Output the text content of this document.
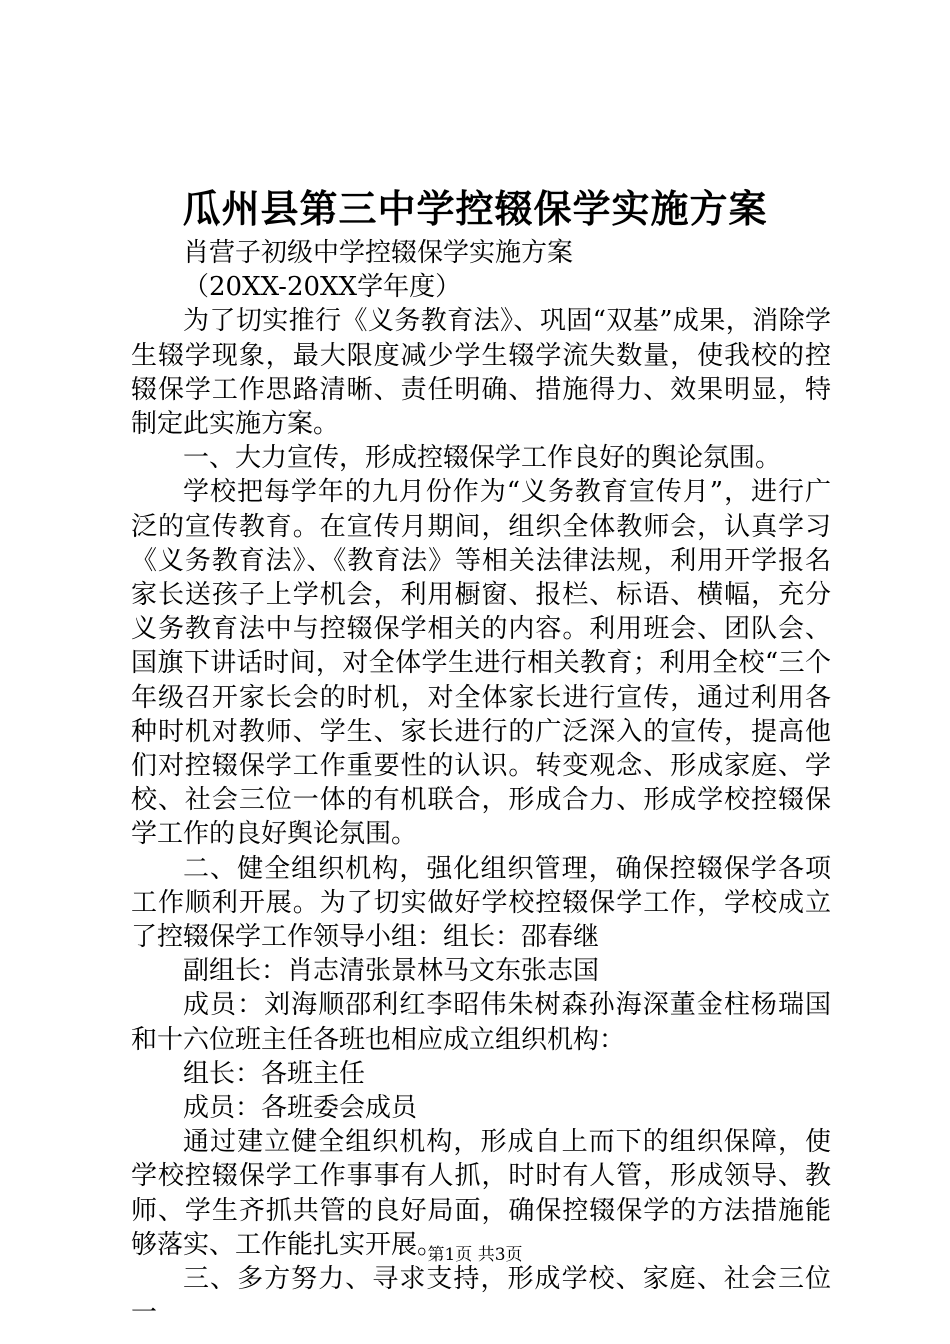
瓜州县第三中学控辍保学实施方案

肖营子初级中学控辍保学实施方案

（20XX-20XX学年度）

为了切实推行《义务教育法》、巩固“双基”成果，消除学生辍学现象，最大限度减少学生辍学流失数量，使我校的控辍保学工作思路清晰、责任明确、措施得力、效果明显，特制定此实施方案。

一、大力宣传，形成控辍保学工作良好的舆论氛围。

学校把每学年的九月份作为“义务教育宣传月”，进行广泛的宣传教育。在宣传月期间，组织全体教师会，认真学习《义务教育法》、《教育法》等相关法律法规，利用开学报名家长送孩子上学机会，利用橱窗、报栏、标语、横幅，充分义务教育法中与控辍保学相关的内容。利用班会、团队会、国旗下讲话时间，对全体学生进行相关教育；利用全校“三个年级召开家长会的时机，对全体家长进行宣传，通过利用各种时机对教师、学生、家长进行的广泛深入的宣传，提高他们对控辍保学工作重要性的认识。转变观念、形成家庭、学校、社会三位一体的有机联合，形成合力、形成学校控辍保学工作的良好舆论氛围。

二、健全组织机构，强化组织管理，确保控辍保学各项工作顺利开展。为了切实做好学校控辍保学工作，学校成立了控辍保学工作领导小组：组长：邵春继

副组长：肖志清张景林马文东张志国

成员：刘海顺邵利红李昭伟朱树森孙海深董金柱杨瑞国和十六位班主任各班也相应成立组织机构：

组长：各班主任

成员：各班委会成员

通过建立健全组织机构，形成自上而下的组织保障，使学校控辍保学工作事事有人抓，时时有人管，形成领导、教师、学生齐抓共管的良好局面，确保控辍保学的方法措施能够落实、工作能扎实开展。

三、多方努力、寻求支持，形成学校、家庭、社会三位一

第1页 共3页
